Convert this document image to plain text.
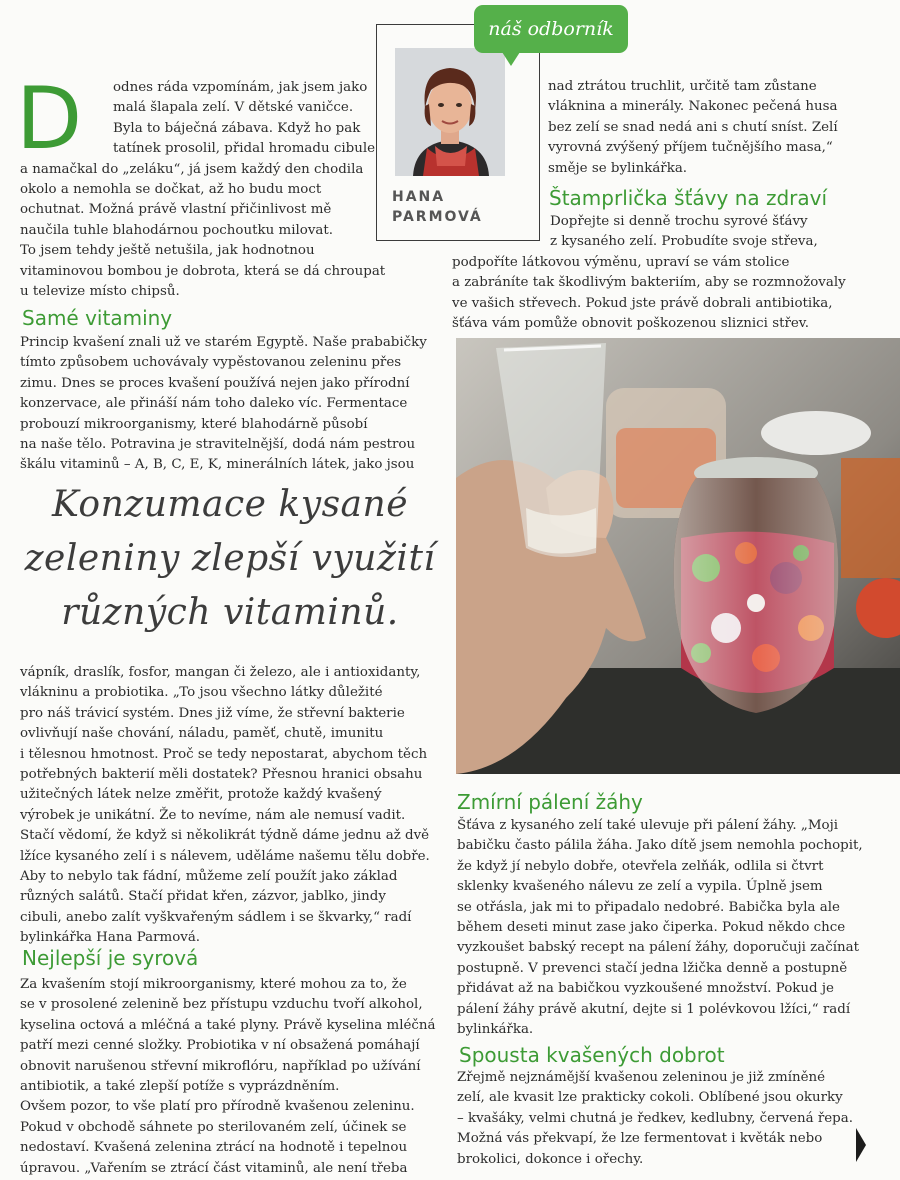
D	odnes ráda vzpomínám, jak jsem jako
malá šlapala zelí. V dětské vaničce.
Byla to báječná zábava. Když ho pak
tatínek prosolil, přidal hromadu cibule
a namačkal do „zeláku“, já jsem každý den chodila
okolo a nemohla se dočkat, až ho budu moct
ochutnat. Možná právě vlastní přičinlivost mě
naučila tuhle blahodárnou pochoutku milovat.
To jsem tehdy ještě netušila, jak hodnotnou
vitaminovou bombou je dobrota, která se dá chroupat
u televize místo chipsů.
náš odborník
HANA
PARMOVÁ
Samé vitaminy
Princip kvašení znali už ve starém Egyptě. Naše prababičky
tímto způsobem uchovávaly vypěstovanou zeleninu přes
zimu. Dnes se proces kvašení používá nejen jako přírodní
konzervace, ale přináší nám toho daleko víc. Fermentace
probouzí mikroorganismy, které blahodárně působí
na naše tělo. Potravina je stravitelnější, dodá nám pestrou
škálu vitaminů – A, B, C, E, K, minerálních látek, jako jsou
Konzumace kysané
zeleniny zlepší využití
různých vitaminů.
vápník, draslík, fosfor, mangan či železo, ale i antioxidanty,
vlákninu a probiotika. „To jsou všechno látky důležité
pro náš trávicí systém. Dnes již víme, že střevní bakterie
ovlivňují naše chování, náladu, paměť, chutě, imunitu
i tělesnou hmotnost. Proč se tedy nepostarat, abychom těch
potřebných bakterií měli dostatek? Přesnou hranici obsahu
užitečných látek nelze změřit, protože každý kvašený
výrobek je unikátní. Že to nevíme, nám ale nemusí vadit.
Stačí vědomí, že když si několikrát týdně dáme jednu až dvě
lžíce kysaného zelí i s nálevem, uděláme našemu tělu dobře.
Aby to nebylo tak fádní, můžeme zelí použít jako základ
různých salátů. Stačí přidat křen, zázvor, jablko, jindy
cibuli, anebo zalít vyškvařeným sádlem i se škvarky,“ radí
bylinkářka Hana Parmová.
Nejlepší je syrová
Za kvašením stojí mikroorganismy, které mohou za to, že
se v prosolené zelenině bez přístupu vzduchu tvoří alkohol,
kyselina octová a mléčná a také plyny. Právě kyselina mléčná
patří mezi cenné složky. Probiotika v ní obsažená pomáhají
obnovit narušenou střevní mikroflóru, například po užívání
antibiotik, a také zlepší potíže s vyprázdněním.
Ovšem pozor, to vše platí pro přírodně kvašenou zeleninu.
Pokud v obchodě sáhnete po sterilovaném zelí, účinek se
nedostaví. Kvašená zelenina ztrácí na hodnotě i tepelnou
úpravou. „Vařením se ztrácí část vitaminů, ale není třeba
nad ztrátou truchlit, určitě tam zůstane
vláknina a minerály. Nakonec pečená husa
bez zelí se snad nedá ani s chutí sníst. Zelí
vyrovná zvýšený příjem tučnějšího masa,“
směje se bylinkářka.
Štamprlička šťávy na zdraví
Dopřejte si denně trochu syrové šťávy
z kysaného zelí. Probudíte svoje střeva,
podpoříte látkovou výměnu, upraví se vám stolice
a zabráníte tak škodlivým bakteriím, aby se rozmnožovaly
ve vašich střevech. Pokud jste právě dobrali antibiotika,
šťáva vám pomůže obnovit poškozenou sliznici střev.
Zmírní pálení žáhy
Šťáva z kysaného zelí také ulevuje při pálení žáhy. „Moji
babičku často pálila žáha. Jako dítě jsem nemohla pochopit,
že když jí nebylo dobře, otevřela zelňák, odlila si čtvrt
sklenky kvašeného nálevu ze zelí a vypila. Úplně jsem
se otřásla, jak mi to připadalo nedobré. Babička byla ale
během deseti minut zase jako čiperka. Pokud někdo chce
vyzkoušet babský recept na pálení žáhy, doporučuji začínat
postupně. V prevenci stačí jedna lžička denně a postupně
přidávat až na babičkou vyzkoušené množství. Pokud je
pálení žáhy právě akutní, dejte si 1 polévkovou lžíci,“ radí
bylinkářka.
Spousta kvašených dobrot
Zřejmě nejznámější kvašenou zeleninou je již zmíněné
zelí, ale kvasit lze prakticky cokoli. Oblíbené jsou okurky
– kvašáky, velmi chutná je ředkev, kedlubny, červená řepa.
Možná vás překvapí, že lze fermentovat i květák nebo
brokolici, dokonce i ořechy.
